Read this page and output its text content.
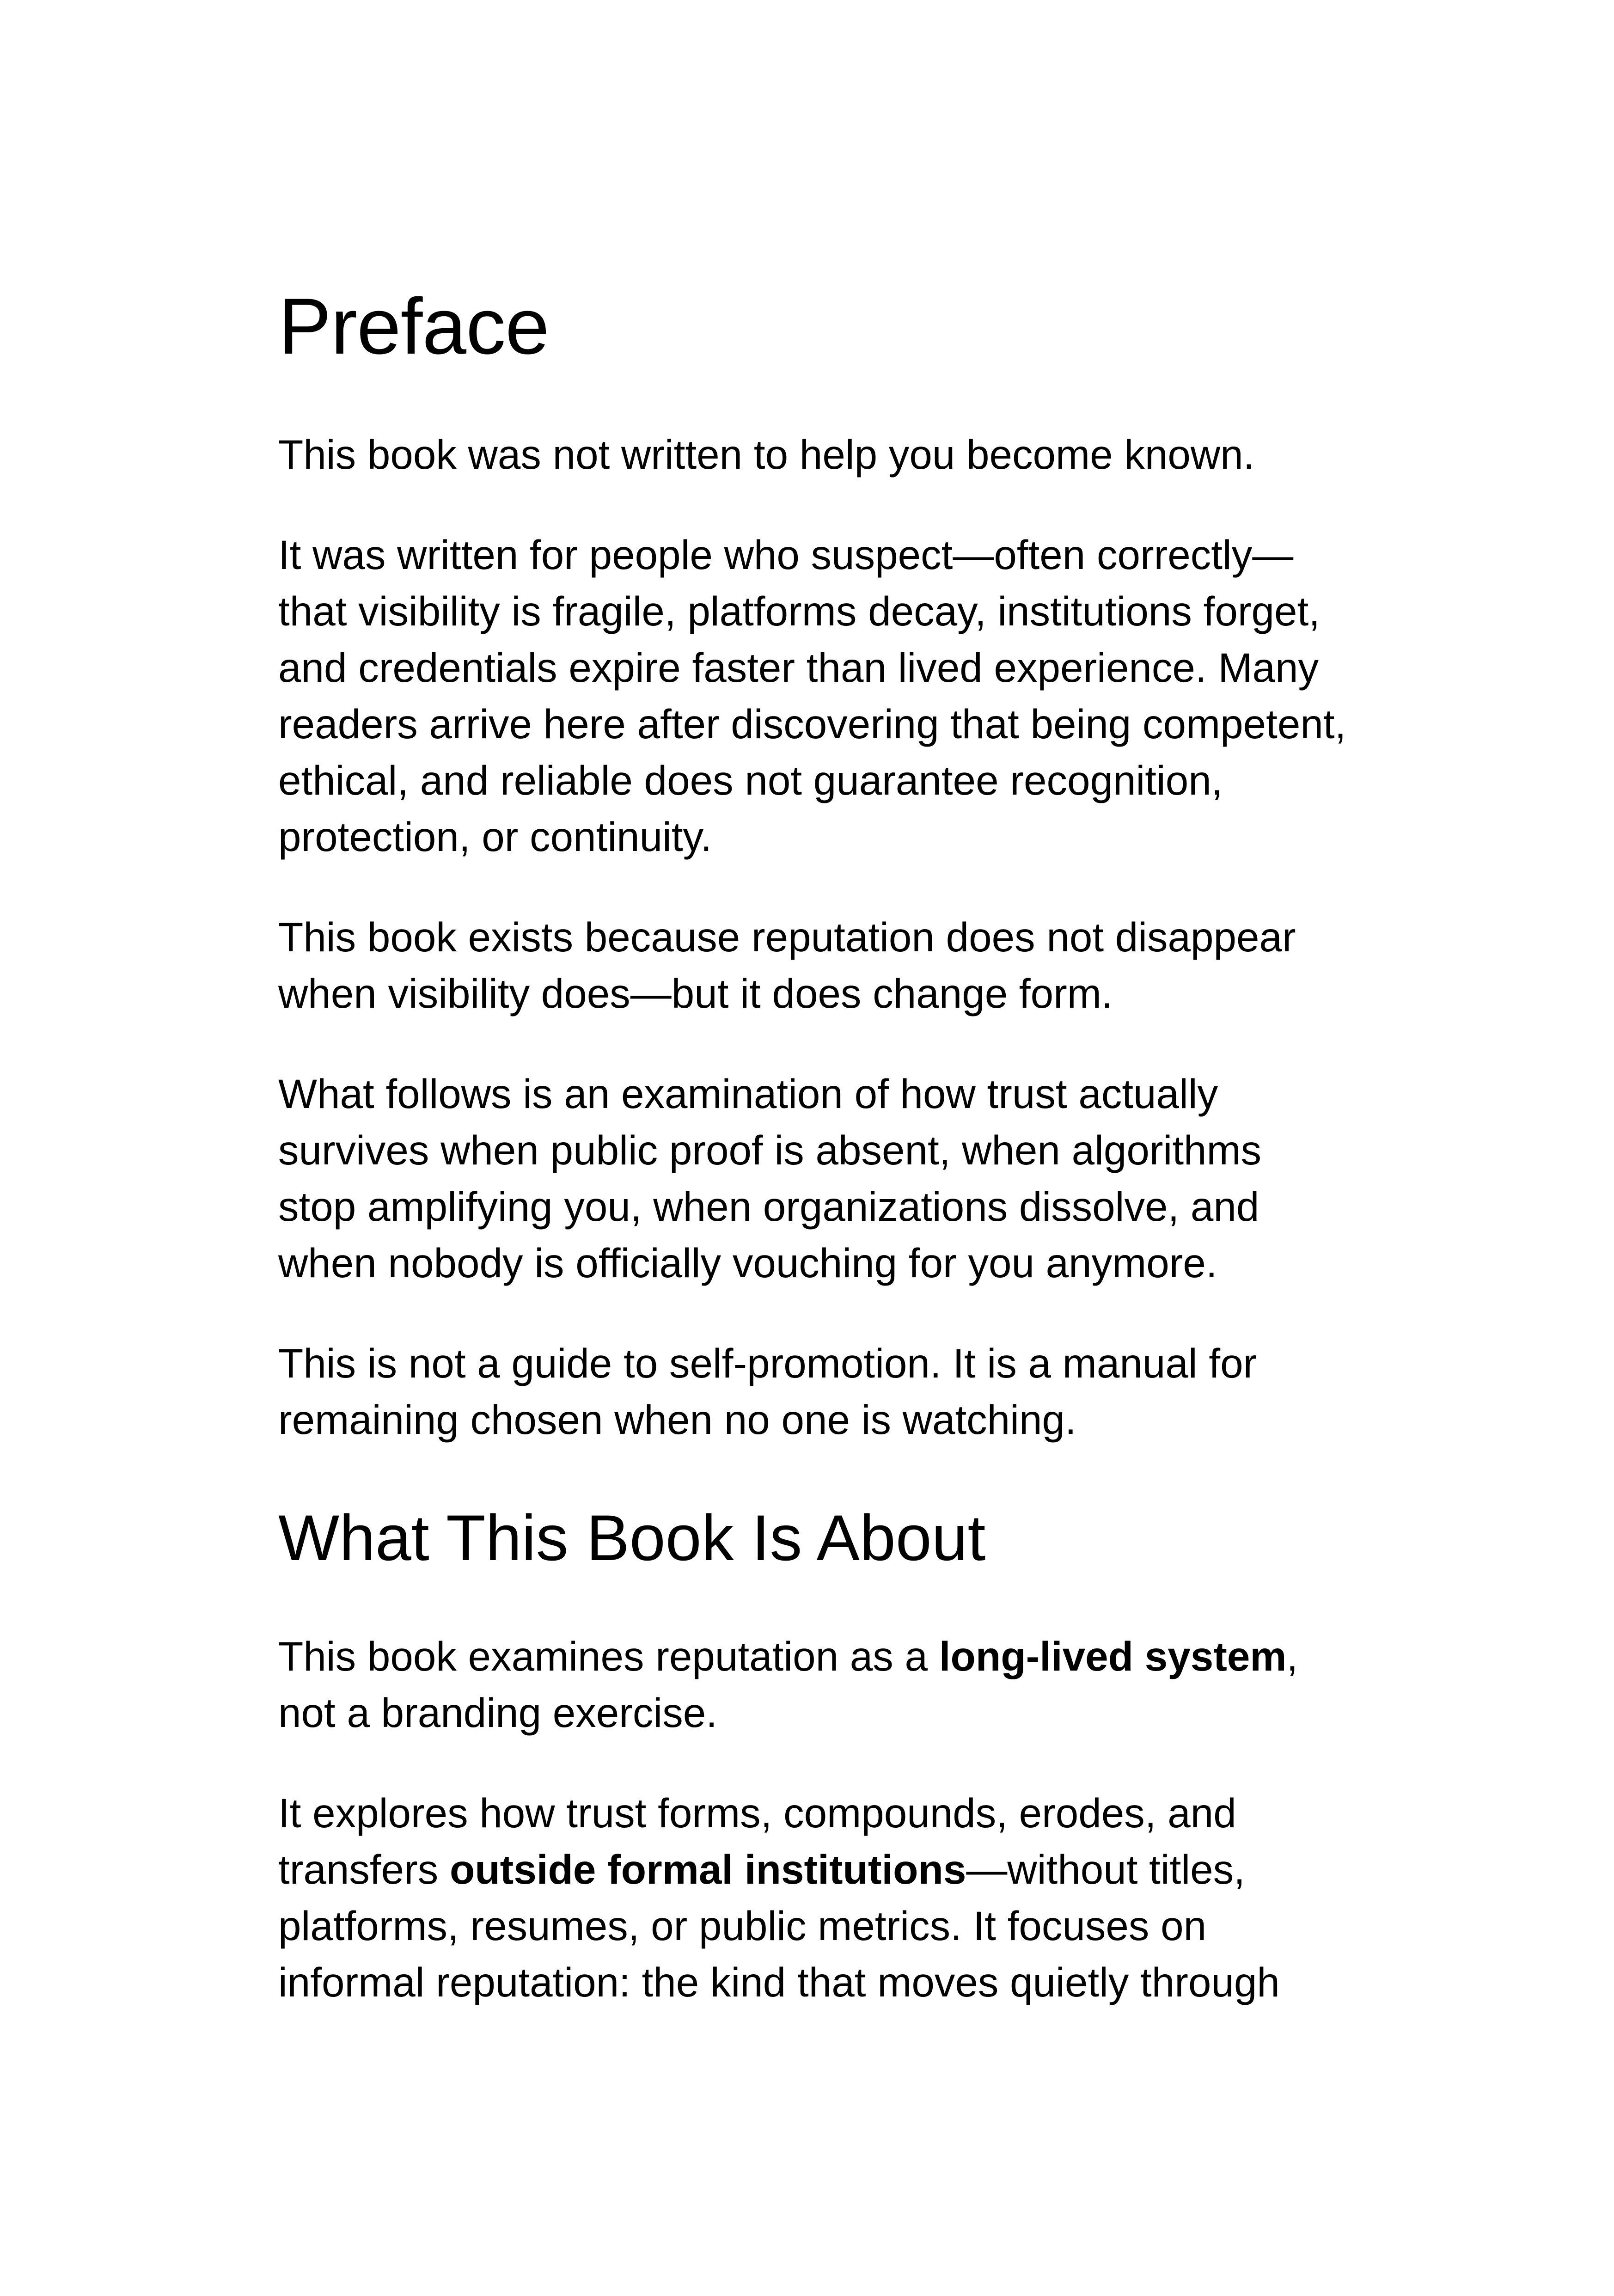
Preface

This book was not written to help you become known.

It was written for people who suspect—often correctly—that visibility is fragile, platforms decay, institutions forget, and credentials expire faster than lived experience. Many readers arrive here after discovering that being competent, ethical, and reliable does not guarantee recognition, protection, or continuity.

This book exists because reputation does not disappear when visibility does—but it does change form.

What follows is an examination of how trust actually survives when public proof is absent, when algorithms stop amplifying you, when organizations dissolve, and when nobody is officially vouching for you anymore.

This is not a guide to self-promotion. It is a manual for remaining chosen when no one is watching.

What This Book Is About

This book examines reputation as a long-lived system, not a branding exercise.

It explores how trust forms, compounds, erodes, and transfers outside formal institutions—without titles, platforms, resumes, or public metrics. It focuses on informal reputation: the kind that moves quietly through
